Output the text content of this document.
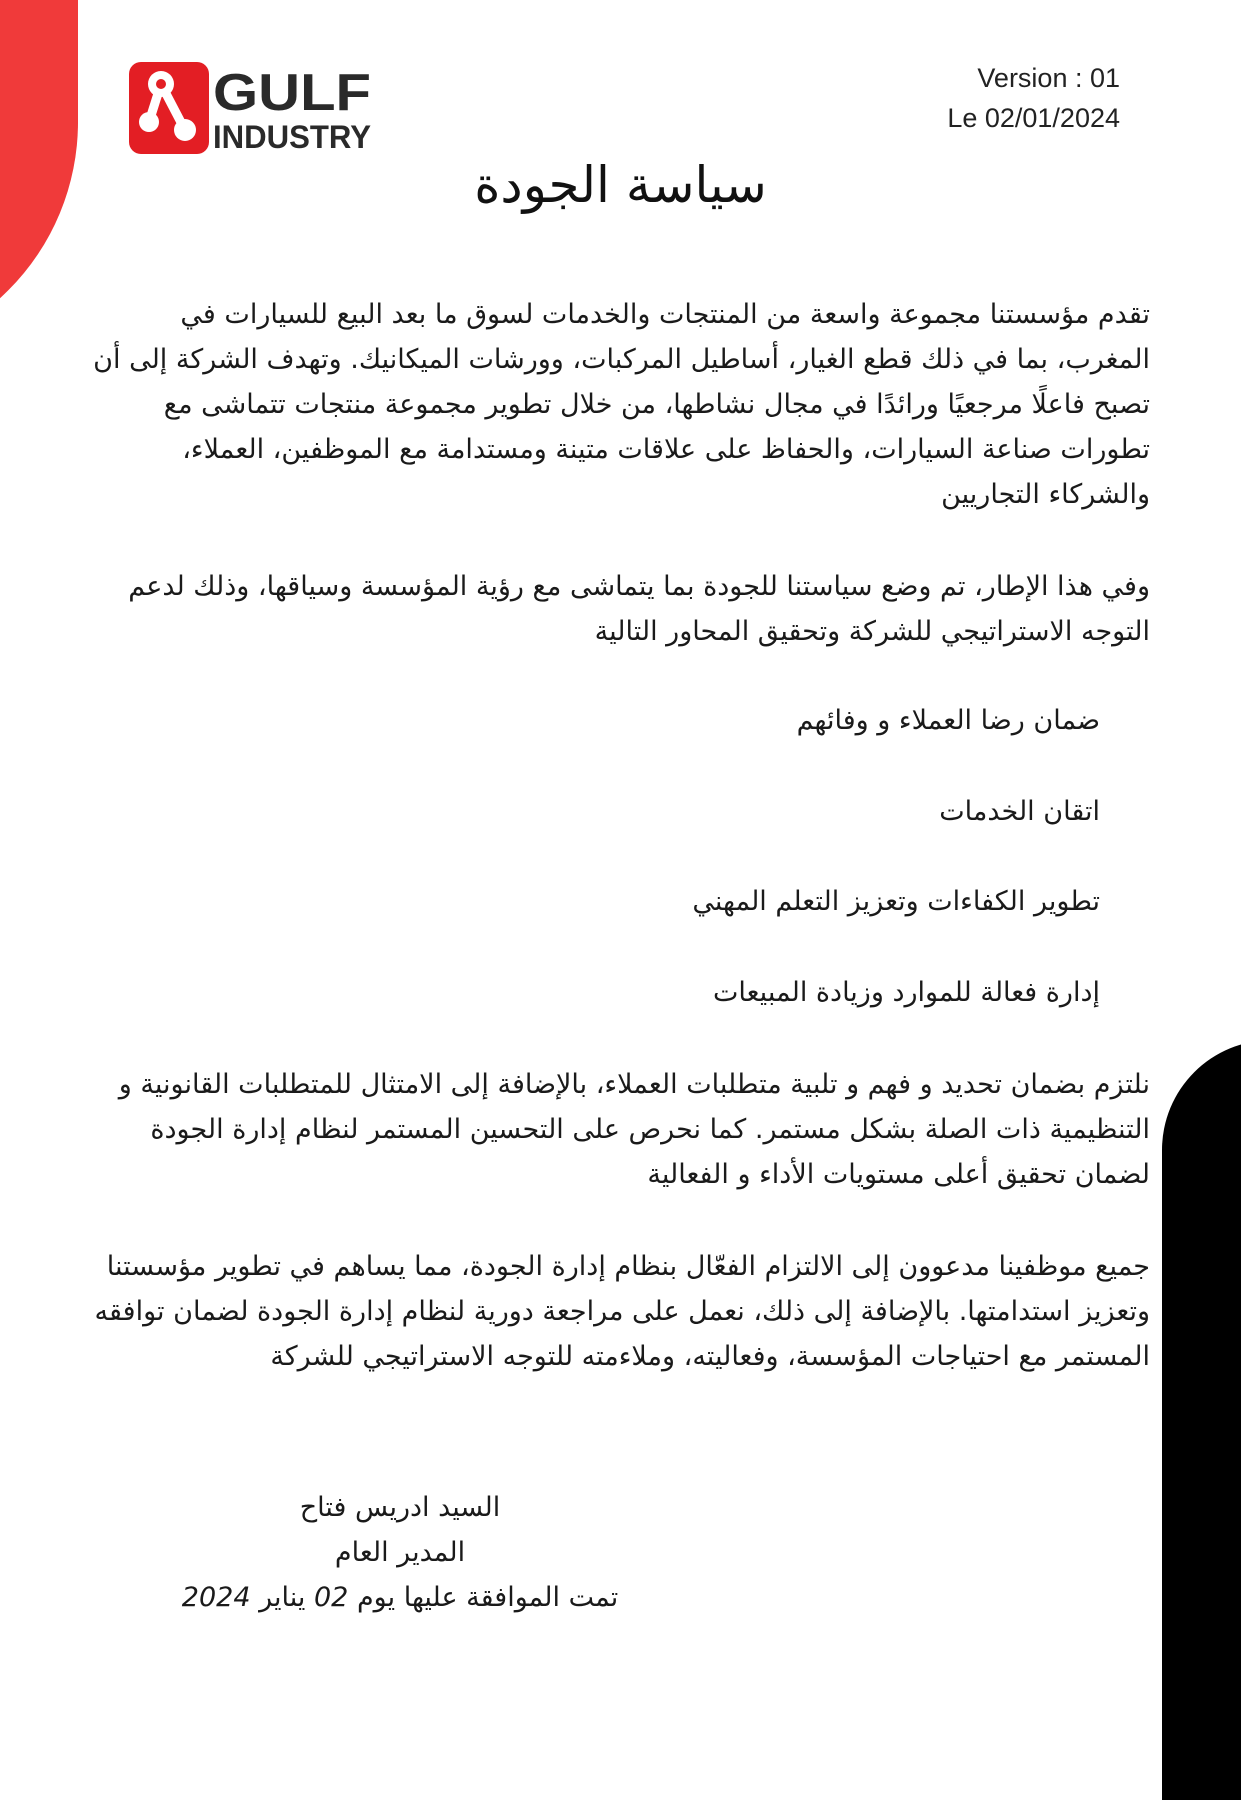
GULF
INDUSTRY
Version : 01
Le 02/01/2024
سياسة الجودة

تقدم مؤسستنا مجموعة واسعة من المنتجات والخدمات لسوق ما بعد البيع للسيارات في المغرب، بما في ذلك قطع الغيار، أساطيل المركبات، وورشات الميكانيك. وتهدف الشركة إلى أن تصبح فاعلًا مرجعيًا ورائدًا في مجال نشاطها، من خلال تطوير مجموعة منتجات تتماشى مع تطورات صناعة السيارات، والحفاظ على علاقات متينة ومستدامة مع الموظفين، العملاء، والشركاء التجاريين

وفي هذا الإطار، تم وضع سياستنا للجودة بما يتماشى مع رؤية المؤسسة وسياقها، وذلك لدعم التوجه الاستراتيجي للشركة وتحقيق المحاور التالية

ضمان رضا العملاء و وفائهم

اتقان الخدمات

تطوير الكفاءات وتعزيز التعلم المهني

إدارة فعالة للموارد وزيادة المبيعات

نلتزم بضمان تحديد و فهم و تلبية متطلبات العملاء، بالإضافة إلى الامتثال للمتطلبات القانونية و التنظيمية ذات الصلة بشكل مستمر. كما نحرص على التحسين المستمر لنظام إدارة الجودة لضمان تحقيق أعلى مستويات الأداء و الفعالية

جميع موظفينا مدعوون إلى الالتزام الفعّال بنظام إدارة الجودة، مما يساهم في تطوير مؤسستنا وتعزيز استدامتها. بالإضافة إلى ذلك، نعمل على مراجعة دورية لنظام إدارة الجودة لضمان توافقه المستمر مع احتياجات المؤسسة، وفعاليته، وملاءمته للتوجه الاستراتيجي للشركة

السيد ادريس فتاح
المدير العام
تمت الموافقة عليها يوم 02 يناير 2024
